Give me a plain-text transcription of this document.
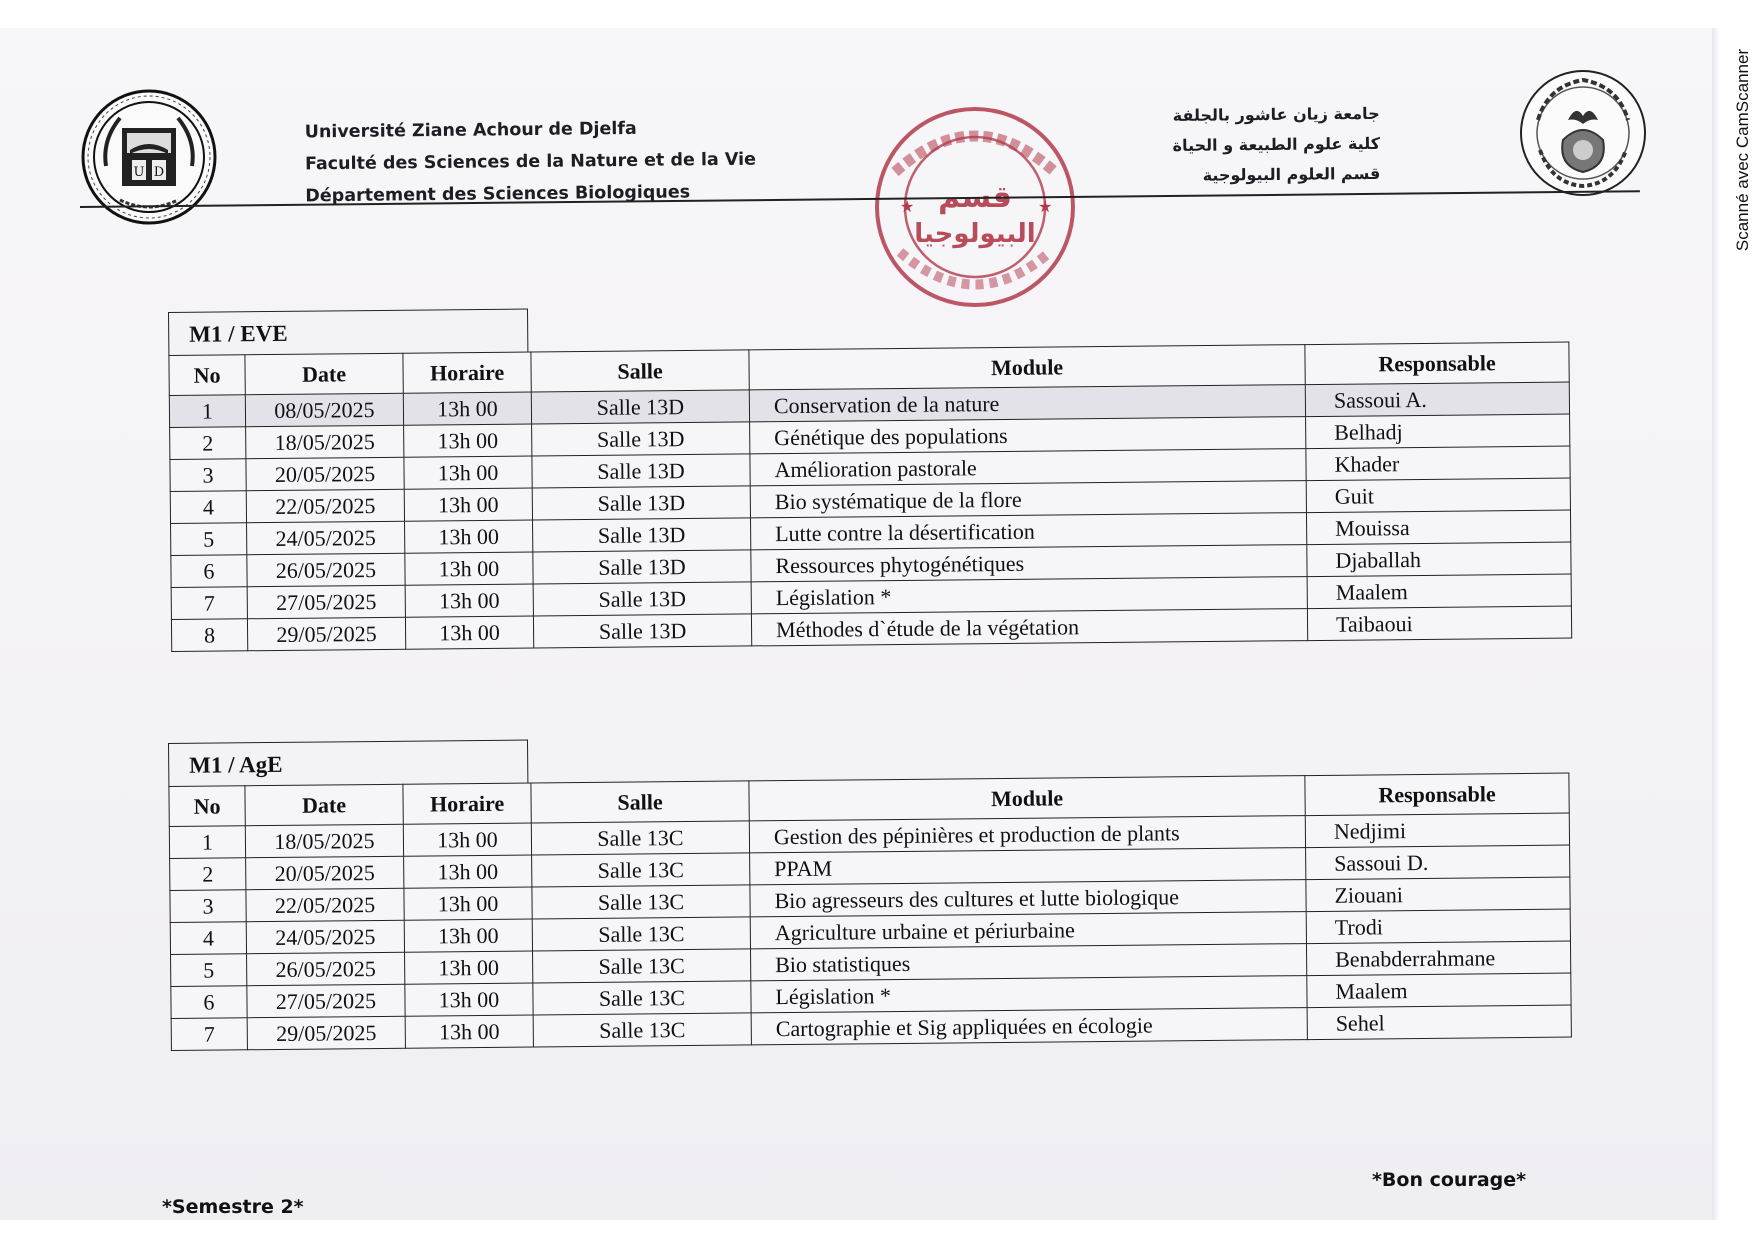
Scanné avec CamScanner
U D
★	★
البيولوجيا
Université Ziane Achour de Djelfa
Faculté des Sciences de la Nature et de la Vie
Département des Sciences Biologiques
جامعة زيان عاشور بالجلفة
كلية علوم الطبيعة و الحياة
قسم العلوم البيولوجية
M1 / EVE
No	Date	Horaire	Salle	Module	Responsable
1	08/05/2025	13h 00	Salle 13D	Conservation de la nature	Sassoui A.
2	18/05/2025	13h 00	Salle 13D	Génétique des populations	Belhadj
3	20/05/2025	13h 00	Salle 13D	Amélioration pastorale	Khader
4	22/05/2025	13h 00	Salle 13D	Bio systématique de la flore	Guit
5	24/05/2025	13h 00	Salle 13D	Lutte contre la désertification	Mouissa
6	26/05/2025	13h 00	Salle 13D	Ressources phytogénétiques	Djaballah
7	27/05/2025	13h 00	Salle 13D	Législation *	Maalem
8	29/05/2025	13h 00	Salle 13D	Méthodes d`étude de la végétation	Taibaoui
M1 / AgE
No	Date	Horaire	Salle	Module	Responsable
1	18/05/2025	13h 00	Salle 13C	Gestion des pépinières et production de plants	Nedjimi
2	20/05/2025	13h 00	Salle 13C	PPAM	Sassoui D.
3	22/05/2025	13h 00	Salle 13C	Bio agresseurs des cultures et lutte biologique	Ziouani
4	24/05/2025	13h 00	Salle 13C	Agriculture urbaine et périurbaine	Trodi
5	26/05/2025	13h 00	Salle 13C	Bio statistiques	Benabderrahmane
6	27/05/2025	13h 00	Salle 13C	Législation *	Maalem
7	29/05/2025	13h 00	Salle 13C	Cartographie et Sig appliquées en écologie	Sehel
*Semestre 2*
*Bon courage*
